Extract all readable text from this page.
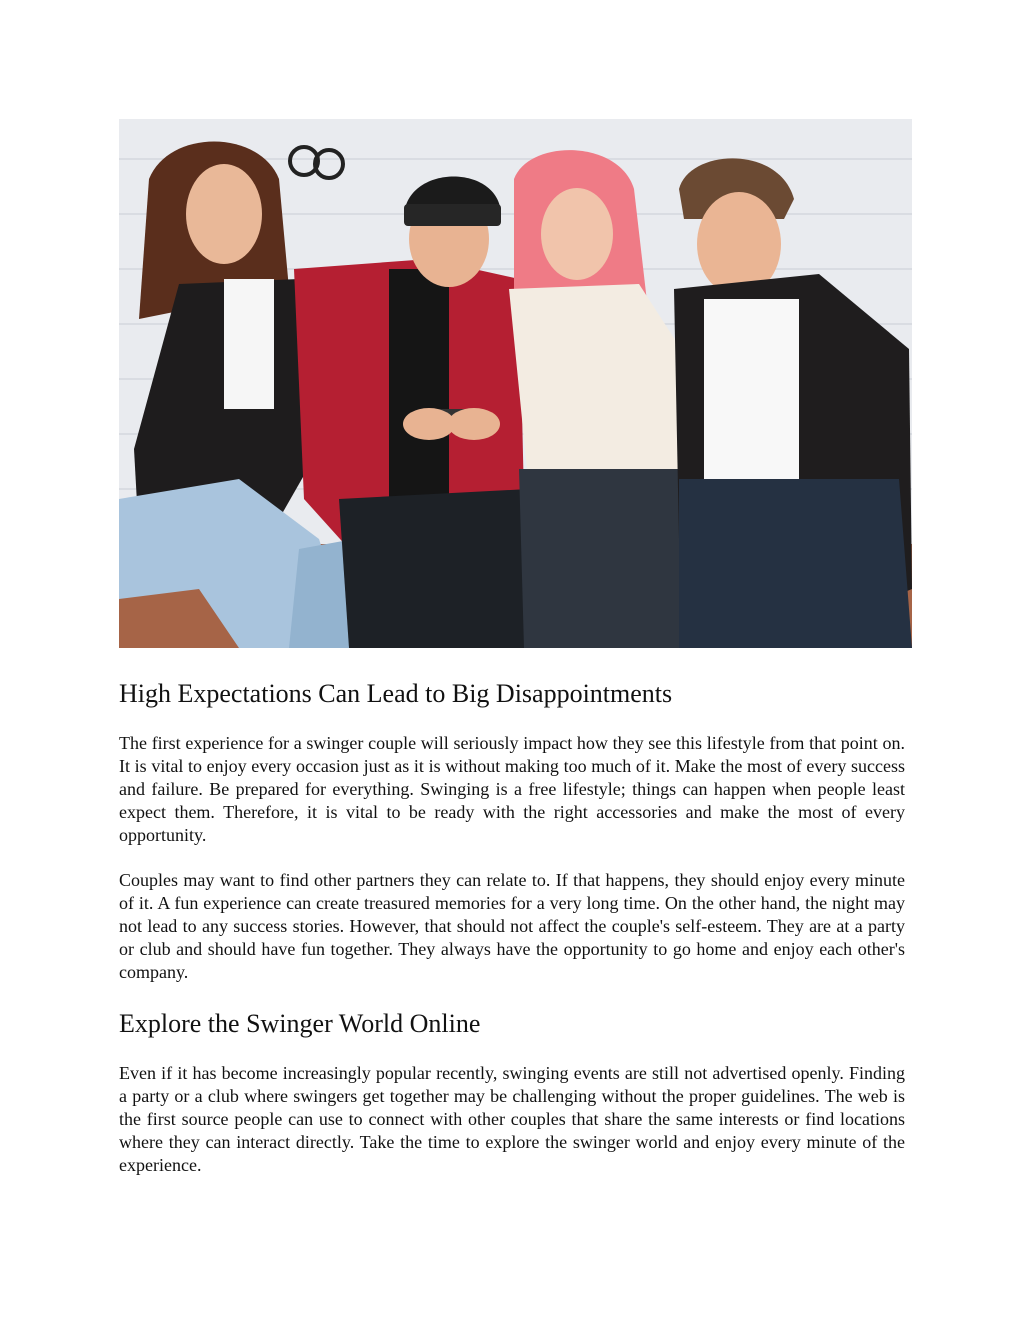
High Expectations Can Lead to Big Disappointments

The first experience for a swinger couple will seriously impact how they see this lifestyle from that point on. It is vital to enjoy every occasion just as it is without making too much of it. Make the most of every success and failure. Be prepared for everything. Swinging is a free lifestyle; things can happen when people least expect them. Therefore, it is vital to be ready with the right accessories and make the most of every opportunity.

Couples may want to find other partners they can relate to. If that happens, they should enjoy every minute of it. A fun experience can create treasured memories for a very long time. On the other hand, the night may not lead to any success stories. However, that should not affect the couple's self-esteem. They are at a party or club and should have fun together. They always have the opportunity to go home and enjoy each other's company.

Explore the Swinger World Online

Even if it has become increasingly popular recently, swinging events are still not advertised openly. Finding a party or a club where swingers get together may be challenging without the proper guidelines. The web is the first source people can use to connect with other couples that share the same interests or find locations where they can interact directly. Take the time to explore the swinger world and enjoy every minute of the experience.
